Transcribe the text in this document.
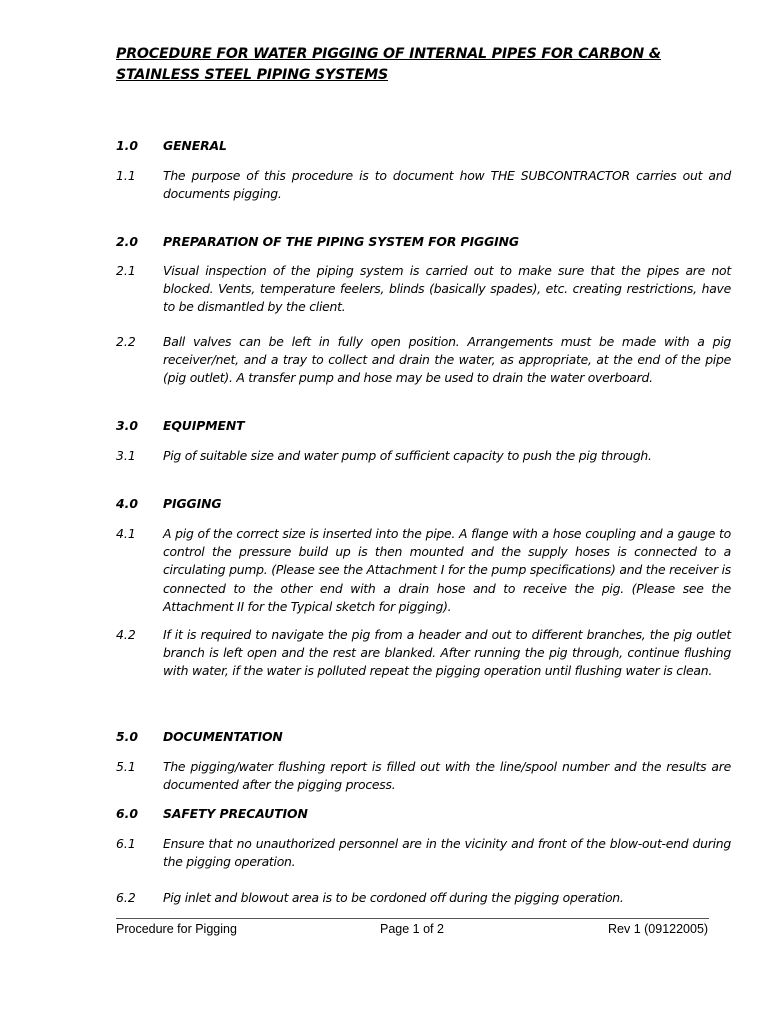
PROCEDURE FOR WATER PIGGING OF INTERNAL PIPES FOR CARBON & STAINLESS STEEL PIPING SYSTEMS
1.0	GENERAL
1.1	The purpose of this procedure is to document how THE SUBCONTRACTOR carries out and documents pigging.
2.0	PREPARATION OF THE PIPING SYSTEM FOR PIGGING
2.1	Visual inspection of the piping system is carried out to make sure that the pipes are not blocked. Vents, temperature feelers, blinds (basically spades), etc. creating restrictions, have to be dismantled by the client.
2.2	Ball valves can be left in fully open position. Arrangements must be made with a pig receiver/net, and a tray to collect and drain the water, as appropriate, at the end of the pipe (pig outlet). A transfer pump and hose may be used to drain the water overboard.
3.0	EQUIPMENT
3.1	Pig of suitable size and water pump of sufficient capacity to push the pig through.
4.0	PIGGING
4.1	A pig of the correct size is inserted into the pipe. A flange with a hose coupling and a gauge to control the pressure build up is then mounted and the supply hoses is connected to a circulating pump. (Please see the Attachment I for the pump specifications) and the receiver is connected to the other end with a drain hose and to receive the pig. (Please see the Attachment II for the Typical sketch for pigging).
4.2	If it is required to navigate the pig from a header and out to different branches, the pig outlet branch is left open and the rest are blanked. After running the pig through, continue flushing with water, if the water is polluted repeat the pigging operation until flushing water is clean.
5.0	DOCUMENTATION
5.1	The pigging/water flushing report is filled out with the line/spool number and the results are documented after the pigging process.
6.0	SAFETY PRECAUTION
6.1	Ensure that no unauthorized personnel are in the vicinity and front of the blow-out-end during the pigging operation.
6.2	Pig inlet and blowout area is to be cordoned off during the pigging operation.
Procedure for Pigging	Page 1 of 2	Rev 1 (09122005)
